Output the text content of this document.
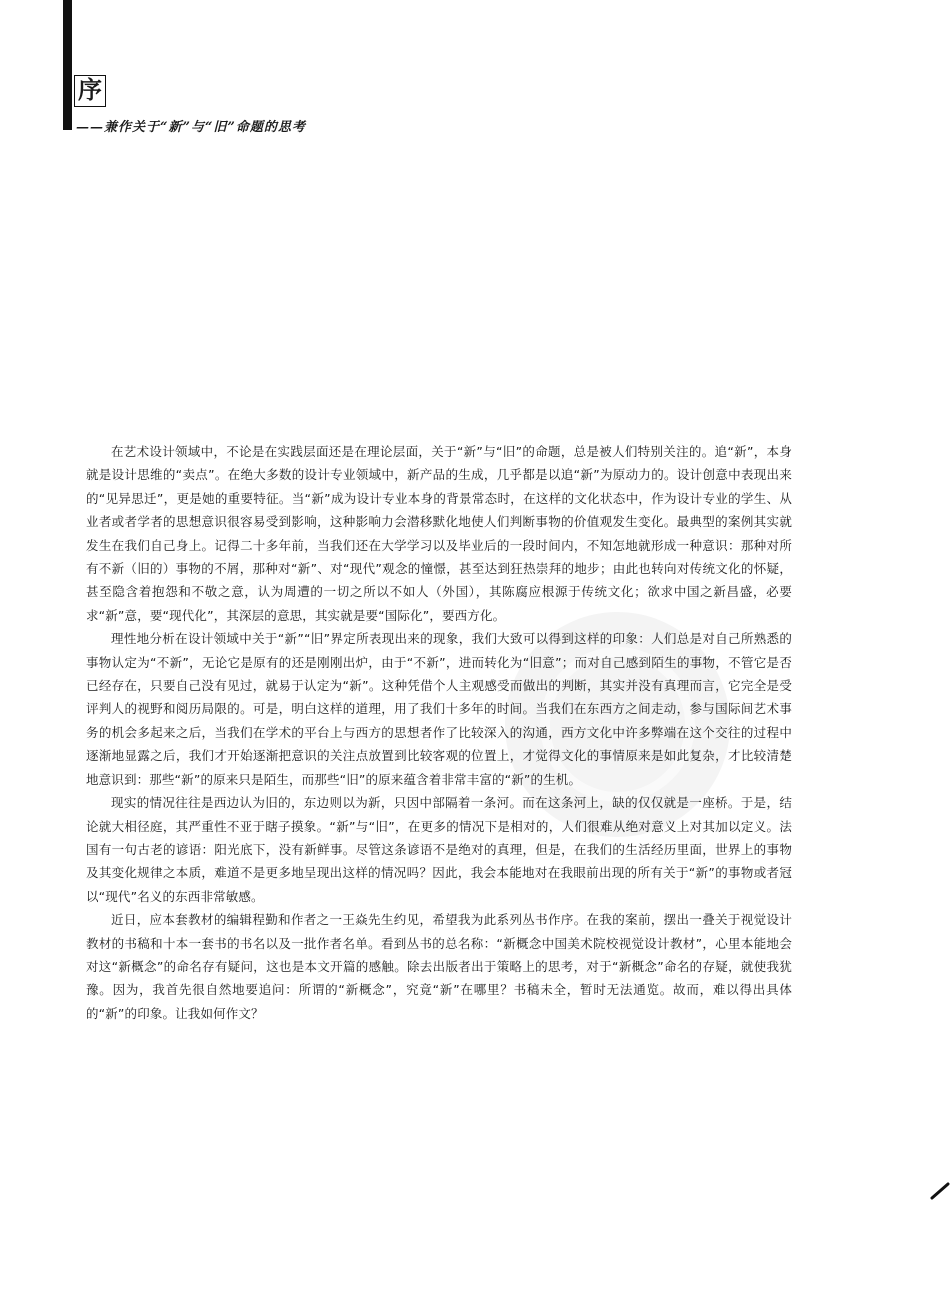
序
——兼作关于“新”与“旧”命题的思考

在艺术设计领域中，不论是在实践层面还是在理论层面，关于“新”与“旧”的命题，总是被人们特别关注的。追“新”，本身就是设计思维的“卖点”。在绝大多数的设计专业领域中，新产品的生成，几乎都是以追“新”为原动力的。设计创意中表现出来的“见异思迁”，更是她的重要特征。当“新”成为设计专业本身的背景常态时，在这样的文化状态中，作为设计专业的学生、从业者或者学者的思想意识很容易受到影响，这种影响力会潜移默化地使人们判断事物的价值观发生变化。最典型的案例其实就发生在我们自己身上。记得二十多年前，当我们还在大学学习以及毕业后的一段时间内，不知怎地就形成一种意识：那种对所有不新（旧的）事物的不屑，那种对“新”、对“现代”观念的憧憬，甚至达到狂热崇拜的地步；由此也转向对传统文化的怀疑，甚至隐含着抱怨和不敬之意，认为周遭的一切之所以不如人（外国），其陈腐应根源于传统文化；欲求中国之新昌盛，必要求“新”意，要“现代化”，其深层的意思，其实就是要“国际化”，要西方化。

理性地分析在设计领域中关于“新”“旧”界定所表现出来的现象，我们大致可以得到这样的印象：人们总是对自己所熟悉的事物认定为“不新”，无论它是原有的还是刚刚出炉，由于“不新”，进而转化为“旧意”；而对自己感到陌生的事物，不管它是否已经存在，只要自己没有见过，就易于认定为“新”。这种凭借个人主观感受而做出的判断，其实并没有真理而言，它完全是受评判人的视野和阅历局限的。可是，明白这样的道理，用了我们十多年的时间。当我们在东西方之间走动，参与国际间艺术事务的机会多起来之后，当我们在学术的平台上与西方的思想者作了比较深入的沟通，西方文化中许多弊端在这个交往的过程中逐渐地显露之后，我们才开始逐渐把意识的关注点放置到比较客观的位置上，才觉得文化的事情原来是如此复杂，才比较清楚地意识到：那些“新”的原来只是陌生，而那些“旧”的原来蕴含着非常丰富的“新”的生机。

现实的情况往往是西边认为旧的，东边则以为新，只因中部隔着一条河。而在这条河上，缺的仅仅就是一座桥。于是，结论就大相径庭，其严重性不亚于瞎子摸象。“新”与“旧”，在更多的情况下是相对的，人们很难从绝对意义上对其加以定义。法国有一句古老的谚语：阳光底下，没有新鲜事。尽管这条谚语不是绝对的真理，但是，在我们的生活经历里面，世界上的事物及其变化规律之本质，难道不是更多地呈现出这样的情况吗？因此，我会本能地对在我眼前出现的所有关于“新”的事物或者冠以“现代”名义的东西非常敏感。

近日，应本套教材的编辑程勤和作者之一王焱先生约见，希望我为此系列丛书作序。在我的案前，摆出一叠关于视觉设计教材的书稿和十本一套书的书名以及一批作者名单。看到丛书的总名称：“新概念中国美术院校视觉设计教材”，心里本能地会对这“新概念”的命名存有疑问，这也是本文开篇的感触。除去出版者出于策略上的思考，对于“新概念”命名的存疑，就使我犹豫。因为，我首先很自然地要追问：所谓的“新概念”，究竟“新”在哪里？书稿未全，暂时无法通览。故而，难以得出具体的“新”的印象。让我如何作文？
